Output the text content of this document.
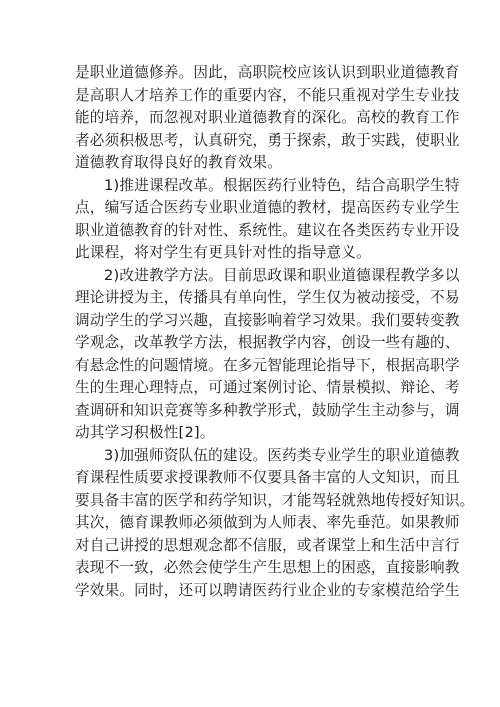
是职业道德修养。因此，高职院校应该认识到职业道德教育
是高职人才培养工作的重要内容，不能只重视对学生专业技
能的培养，而忽视对职业道德教育的深化。高校的教育工作
者必须积极思考，认真研究，勇于探索，敢于实践，使职业
道德教育取得良好的教育效果。
1)推进课程改革。根据医药行业特色，结合高职学生特
点，编写适合医药专业职业道德的教材，提高医药专业学生
职业道德教育的针对性、系统性。建议在各类医药专业开设
此课程，将对学生有更具针对性的指导意义。
2)改进教学方法。目前思政课和职业道德课程教学多以
理论讲授为主，传播具有单向性，学生仅为被动接受，不易
调动学生的学习兴趣，直接影响着学习效果。我们要转变教
学观念，改革教学方法，根据教学内容，创设一些有趣的、
有悬念性的问题情境。在多元智能理论指导下，根据高职学
生的生理心理特点，可通过案例讨论、情景模拟、辩论、考
查调研和知识竞赛等多种教学形式，鼓励学生主动参与，调
动其学习积极性[2]。
3)加强师资队伍的建设。医药类专业学生的职业道德教
育课程性质要求授课教师不仅要具备丰富的人文知识，而且
要具备丰富的医学和药学知识，才能驾轻就熟地传授好知识。
其次，德育课教师必须做到为人师表、率先垂范。如果教师
对自己讲授的思想观念都不信服，或者课堂上和生活中言行
表现不一致，必然会使学生产生思想上的困惑，直接影响教
学效果。同时，还可以聘请医药行业企业的专家模范给学生
